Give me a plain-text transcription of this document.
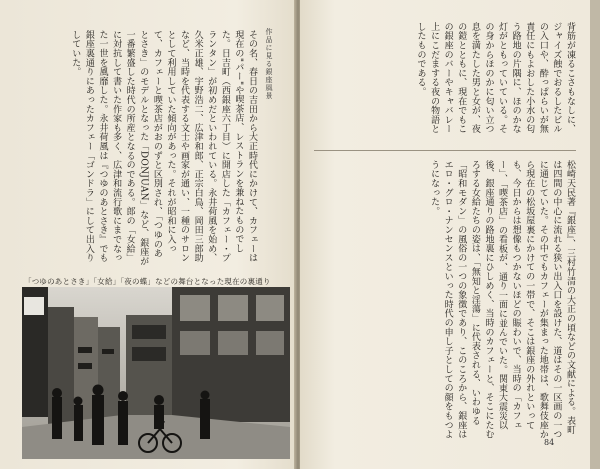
作品に見る銀座風景
その名、春日の吉田から大正時代にかけて、カフェーは現在の"パー"や喫茶店、レストランを兼ねたものでした。日吉町（西銀座六丁目）に開店した「カフェー・プランタン」が初めだといわれている。永井荷風を始め、久米正雄、宇野浩二、広津和郎、正宗白鳥、岡田三郎助など、当時を代表する文士や画家が通い、一種のサロンとして利用していた傾向があった。それが昭和に入って、カフェーと喫茶店がおのずと区別され、「つゆのあとさき」のモデルとなった「DONJUAN」など、銀座が一番繁盛した時代の所産となるのである。郎の「女給」に対抗して書いた作家も多く、広津和流行歌にまでなった一世を風靡した。永井荷風は『つゆのあとさき』でも銀座裏通りにあったカフェー「ゴンドラ」にして出入りしていた。
「つゆのあとさき」「女給」「夜の蝶」などの舞台となった現在の裏通り
背筋が凍るこさもなしに、ジャイズ蝕でおるしたビルの入口や、酔っぱらいが無責任にもよおした小水の匂う路地の片隅に、ほのかな灯がともっていている。その身からほのかに匂い立つ息を満たした男と女が、夜の鎧とともに、現在でもこの銀座のバーやキャバレー上にこだまする夜の物語としたものである。
松崎天民著『銀座』、三村竹清の大正の頃などの文献による。表町は四間の中心に流れる狭い出入口を設けた、道はその一区画の一つに通じていた。その中でもカフェーが集まった地帯は、歌舞伎座から現在の松坂屋裏にかけての一帯で、そこは銀座の外れといっても、今日からは想像もつかないほどの賑わいで、当時の「カフェー」、「喫茶店」の看板が、通り一面に並んでいた。関東大震災以後、銀座通りの路地裏にひしめく、当時のカフェーと、そこにたむろする女給たちの姿は、「無知と淫蕩」に代表される、いわゆる「昭和モダン」の風俗の一つの象徴であり、このころから、銀座はエロ・グロ・ナンセンスといった時代の申し子としての顔をもつようになった。
84
